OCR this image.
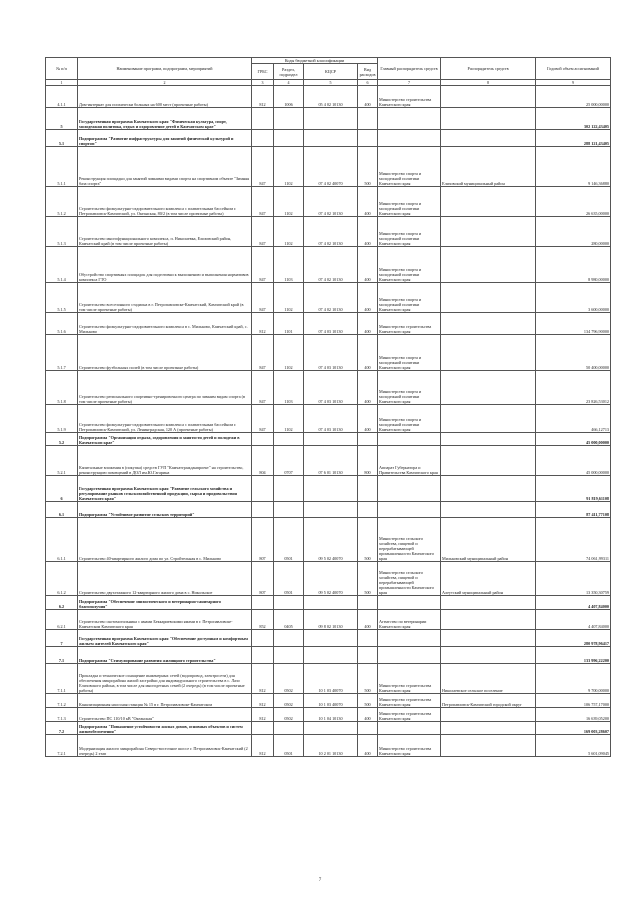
№ п/п	Наименование программ, подпрограмм, мероприятий	Коды бюджетной классификации				Главный распорядитель средств	Распорядитель средств	Годовой объем ассигнований
		ГРБС	Раздел, подраздел	КЦСР	Вид расходов			
1	2	3	4	5	6	7	8	9
4.1.1	Дом-интернат для психически больных на 600 мест (проектные работы)	812	1006	05 4 02 10130	400	Министерство строительства Камчатского края		25 000,00000
5	Государственная программа Камчатского края "Физическая культура, спорт, молодежная политика, отдых и оздоровление детей в Камчатском крае"							302 122,43405
5.1	Подпрограмма "Развитие инфраструктуры для занятий физической культурой и спортом"							288 121,43405
5.1.1	Реконструкция площадки для занятий зимними видами спорта на спортивном объекте "Зимняя база спорта"	847	1102	07 4 02 40070	500	Министерство спорта и молодежной политики Камчатского края	Елизовский муниципальный район	9 146,36880
5.1.2	Строительство физкультурно-оздоровительного комплекса с плавательным бассейном г. Петропавловск-Камчатский, ул. Океанская, 80/2 (в том числе проектные работы)	847	1102	07 4 02 10130	400	Министерство спорта и молодежной политики Камчатского края		26 635,00000
5.1.3	Строительство многофункционального комплекса, п. Николаевка, Елизовский район, Камчатский край (в том числе проектные работы)	847	1102	07 4 02 10130	400	Министерство спорта и молодежной политики Камчатского края		280,00000
5.1.4	Обустройство спортивных площадок для подготовки к выполнению и выполнения нормативов комплекса ГТО	847	1103	07 4 02 10130	400	Министерство спорта и молодежной политики Камчатского края		8 980,00000
5.1.5	Строительство всесезонного стадиона в г. Петропавловске-Камчатский, Камчатский край (в том числе проектные работы)	847	1102	07 4 02 10130	400	Министерство спорта и молодежной политики Камчатского края		3 600,00000
5.1.6	Строительство физкультурно-оздоровительного комплекса в с. Мильково, Камчатский край, с. Мильково	812	1101	07 4 03 10130	400	Министерство строительства Камчатского края		134 796,90000
5.1.7	Строительство футбольных полей (в том числе проектные работы)	847	1102	07 4 03 10130	400	Министерство спорта и молодежной политики Камчатского края		50 400,00000
5.1.8	Строительство регионального спортивно-тренировочного центра по зимним видам спорта (в том числе проектные работы)	847	1103	07 4 03 10130	400	Министерство спорта и молодежной политики Камчатского края		23 826,53012
5.1.9	Строительство физкультурно-оздоровительного комплекса с плавательным бассейном г. Петропавловск-Камчатский, ул. Ленинградская, 120 А (проектные работы)	847	1102	07 4 03 10130	400	Министерство спорта и молодежной политики Камчатского края		466,12713
5.2	Подпрограмма "Организация отдыха, оздоровления и занятости детей и молодежи в Камчатском крае"							45 000,00000
5.2.1	Капитальные вложения в (покупка) средств ГУП "Камчатгражданпроект" на строительство, реконструкцию помещений в ДОЛ им.Ю.Гагарина	804	0707	07 6 01 10130	800	Аппарат Губернатора и Правительства Камчатского края		45 000,00000
6	Государственная программа Камчатского края "Развитие сельского хозяйства и регулирование рынков сельскохозяйственной продукции, сырья и продовольствия Камчатского края"							91 819,61108
6.1	Подпрограмма "Устойчивое развитие сельских территорий"							87 411,77108
6.1.1	Строительство 40-квартирного жилого дома по ул. Стройтельная в с. Мильково	807	0501	09 5 02 40070	500	Министерство сельского хозяйства, пищевой и перерабатывающей промышленности Камчатского края	Мильковский муниципальный район	74 061,99311
6.1.2	Строительство двухэтажного 12-квартирного жилого дома в с. Никольское	807	0501	09 5 02 40070	500	Министерство сельского хозяйства, пищевой и перерабатывающей промышленности Камчатского края	Алеутский муниципальный район	13 350,30759
6.2	Подпрограмма "Обеспечение эпизоотического и ветеринарно-санитарного благополучия"							4 407,84000
6.2.1	Строительство скотомогильника с ямами Беккариевскими ямами в г. Петропавловске-Камчатском Камчатского края	852	0405	09 8 02 10130	400	Агентство по ветеринарии Камчатского края		4 407,84000
7	Государственная программа Камчатского края "Обеспечение доступным и комфортным жильем жителей Камчатского края"							280 978,96417
7.1	Подпрограмма "Стимулирование развития жилищного строительства"							133 996,22200
7.1.1	Прокладка и техническое оснащение инженерных сетей (водопровод, электросети) для обеспечения микрорайона жилой застройки для индивидуального строительства в с. Лазо Елизовского района, в том числе для многодетных семей (2 очередь) (в том числе проектные работы)	812	0502	10 1 03 40070	500	Министерство строительства Камчатского края	Николаевское сельское поселение	9 700,00000
7.1.2	Канализационная насосная станция № 15 в г. Петропавловске-Камчатском	812	0502	10 1 03 40070	500	Министерство строительства Камчатского края	Петропавловск-Камчатский городской округ	106 757,17000
7.1.3	Строительство ПС 110/10 кВ "Океанская"	812	0502	10 1 04 10130	400	Министерство строительства Камчатского края		16 639,05200
7.2	Подпрограмма "Повышение устойчивости жилых домов, основных объектов и систем жизнеобеспечения"							169 003,28607
7.2.1	Модернизация жилого микрорайона Северо-восточное шоссе г. Петропавловск-Камчатский (2 очередь) 2 этап	812	0501	10 2 01 10130	400	Министерство строительства Камчатского края		5 601,09045
7
